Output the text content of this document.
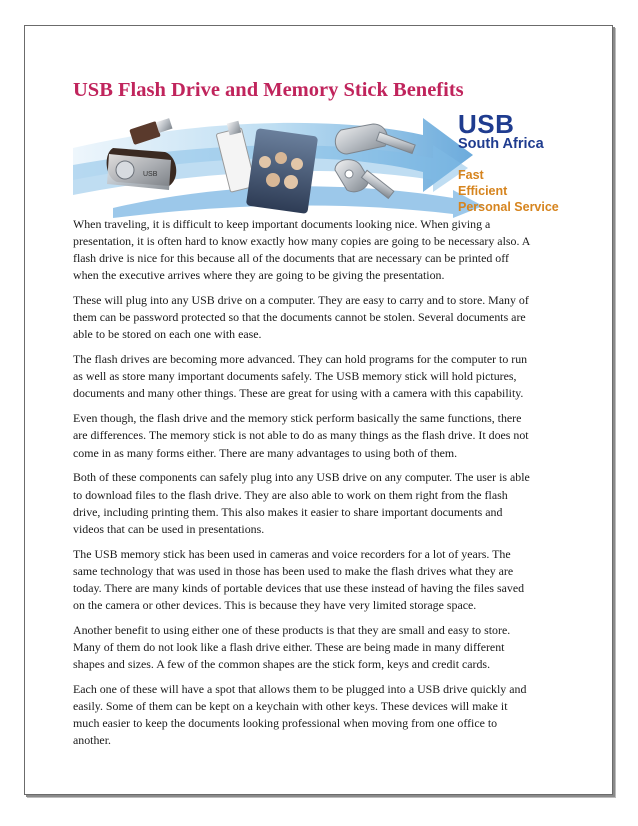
USB Flash Drive and Memory Stick Benefits
USB
USB
South Africa
Fast
Efficient
Personal Service

When traveling, it is difficult to keep important documents looking nice. When giving a
presentation, it is often hard to know exactly how many copies are going to be necessary also. A
flash drive is nice for this because all of the documents that are necessary can be printed off
when the executive arrives where they are going to be giving the presentation.

These will plug into any USB drive on a computer. They are easy to carry and to store. Many of
them can be password protected so that the documents cannot be stolen. Several documents are
able to be stored on each one with ease.

The flash drives are becoming more advanced. They can hold programs for the computer to run
as well as store many important documents safely. The USB memory stick will hold pictures,
documents and many other things. These are great for using with a camera with this capability.

Even though, the flash drive and the memory stick perform basically the same functions, there
are differences. The memory stick is not able to do as many things as the flash drive. It does not
come in as many forms either. There are many advantages to using both of them.

Both of these components can safely plug into any USB drive on any computer. The user is able
to download files to the flash drive. They are also able to work on them right from the flash
drive, including printing them. This also makes it easier to share important documents and
videos that can be used in presentations.

The USB memory stick has been used in cameras and voice recorders for a lot of years. The
same technology that was used in those has been used to make the flash drives what they are
today. There are many kinds of portable devices that use these instead of having the files saved
on the camera or other devices. This is because they have very limited storage space.

Another benefit to using either one of these products is that they are small and easy to store.
Many of them do not look like a flash drive either. These are being made in many different
shapes and sizes. A few of the common shapes are the stick form, keys and credit cards.

Each one of these will have a spot that allows them to be plugged into a USB drive quickly and
easily. Some of them can be kept on a keychain with other keys. These devices will make it
much easier to keep the documents looking professional when moving from one office to
another.
